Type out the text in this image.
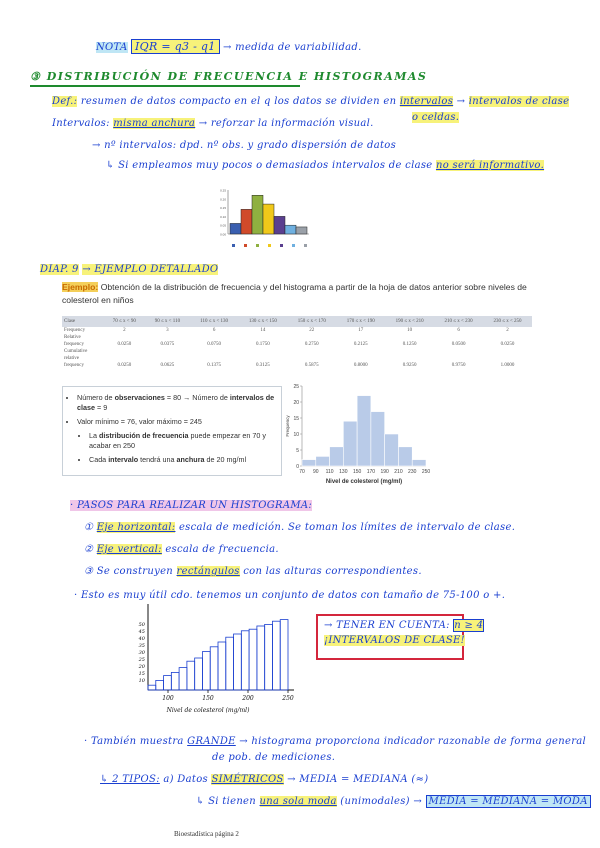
NOTA IQR = q3 - q1 → medida de variabilidad.
③ DISTRIBUCIÓN DE FRECUENCIA E HISTOGRAMAS
Def.: resumen de datos compacto en el q los datos se dividen en intervalos → intervalos de clase
o celdas.
Intervalos: misma anchura → reforzar la información visual.
→ nº intervalos: dpd. nº obs. y grado dispersión de datos
↳ Si empleamos muy pocos o demasiados intervalos de clase no será informativo.
0.25
0.20
0.15
0.10
0.05
0.00
DIAP. 9 → EJEMPLO DETALLADO
Ejemplo: Obtención de la distribución de frecuencia y del histograma a partir de la hoja de datos anterior sobre niveles de colesterol en niños
Clase	70 ≤ x < 90	90 ≤ x < 110	110 ≤ x < 130	130 ≤ x < 150	150 ≤ x < 170	170 ≤ x < 190	190 ≤ x < 210	210 ≤ x < 230	230 ≤ x < 250
Frequency	2	3	6	14	22	17	10	6	2
Relative									
frequency	0.0250	0.0375	0.0750	0.1750	0.2750	0.2125	0.1250	0.0500	0.0250
Cumulative									
relative									
frequency	0.0250	0.0625	0.1375	0.3125	0.5875	0.8000	0.9250	0.9750	1.0000
• Número de observaciones = 80 → Número de intervalos de clase = 9
• Valor mínimo = 76, valor máximo = 245
• La distribución de frecuencia puede empezar en 70 y acabar en 250
• Cada intervalo tendrá una anchura de 20 mg/ml
0
5
10
15
20
25
70 90 110 130 150 170 190 210 230 250
Frequency
Nivel de colesterol (mg/ml)
· PASOS PARA REALIZAR UN HISTOGRAMA:
① Eje horizontal: escala de medición. Se toman los límites de intervalo de clase.
② Eje vertical: escala de frecuencia.
③ Se construyen rectángulos con las alturas correspondientes.
· Esto es muy útil cdo. tenemos un conjunto de datos con tamaño de 75-100 o +.
10
15
20
25
30
35
40
45
50
100	150	200	250
Nivel de colesterol (mg/ml)
→ TENER EN CUENTA: n ≥ 4
¡INTERVALOS DE CLASE!
· También muestra GRANDE → histograma proporciona indicador razonable de forma general
de pob. de mediciones.
↳ 2 TIPOS: a) Datos SIMÉTRICOS → MEDIA = MEDIANA (≈)
↳ Si tienen una sola moda (unimodales) → MEDIA = MEDIANA = MODA
Bioestadística página 2
